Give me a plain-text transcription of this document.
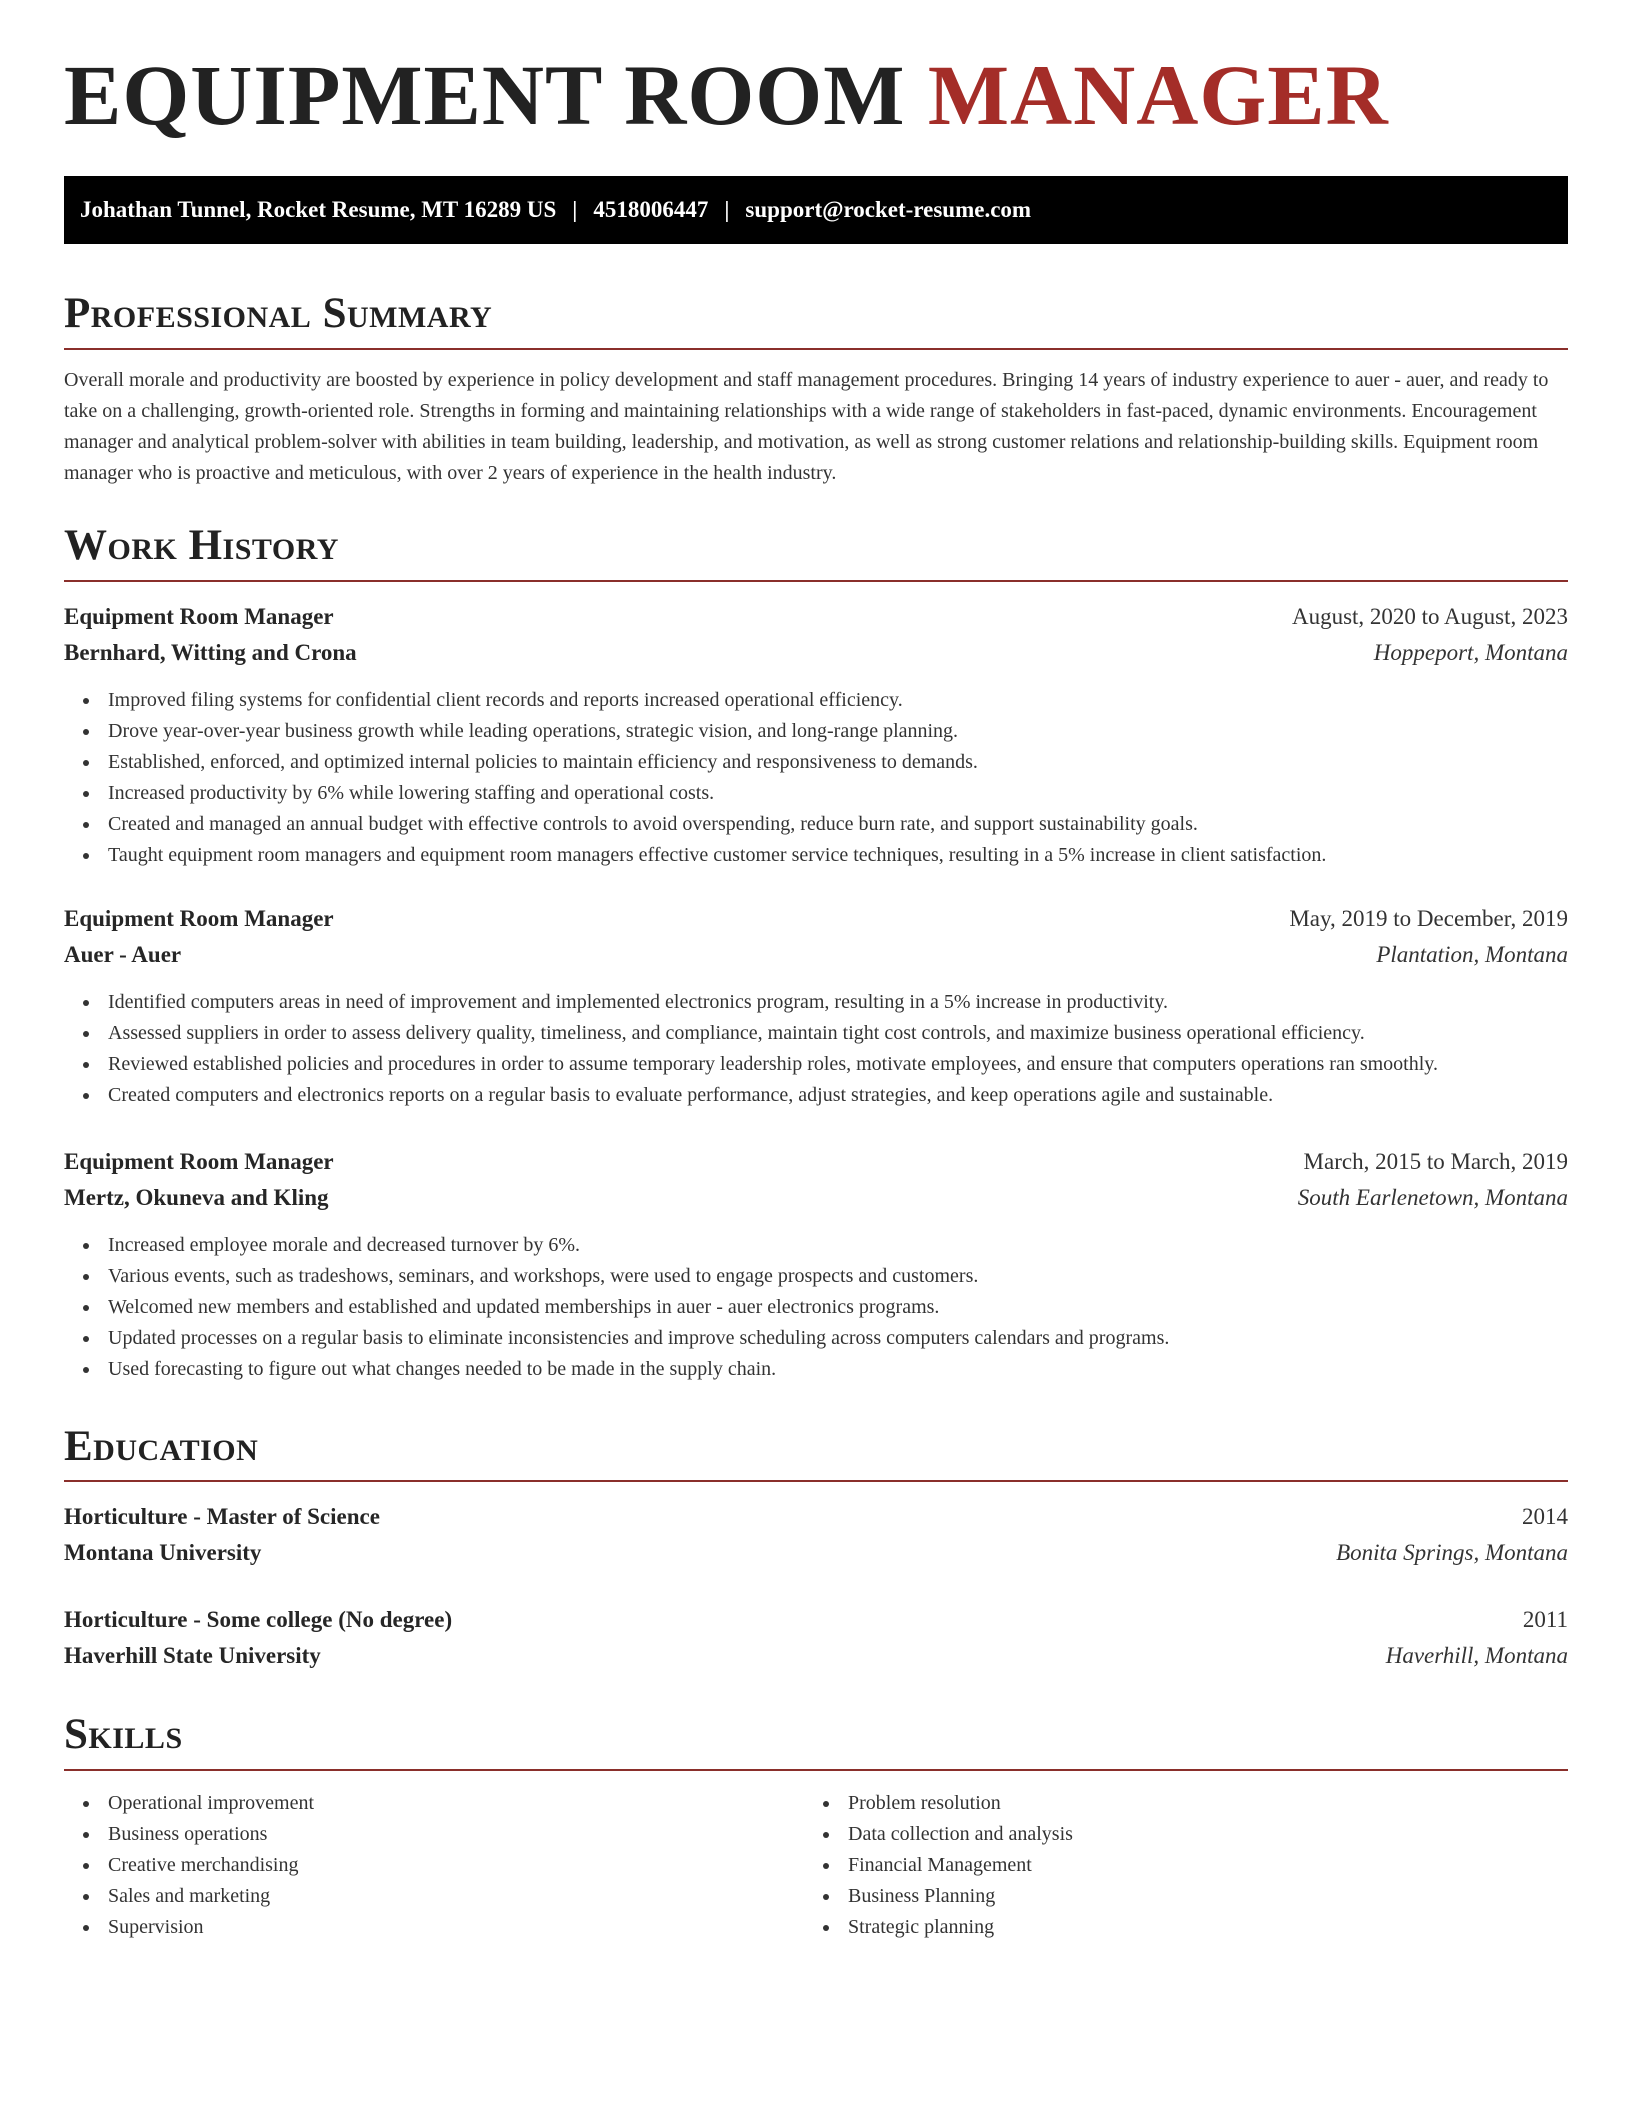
EQUIPMENT ROOM MANAGER
Johathan Tunnel, Rocket Resume, MT 16289 US | 4518006447 | support@rocket-resume.com
Professional Summary

Overall morale and productivity are boosted by experience in policy development and staff management procedures. Bringing 14 years of industry experience to auer - auer, and ready to take on a challenging, growth-oriented role. Strengths in forming and maintaining relationships with a wide range of stakeholders in fast-paced, dynamic environments. Encouragement manager and analytical problem-solver with abilities in team building, leadership, and motivation, as well as strong customer relations and relationship-building skills. Equipment room manager who is proactive and meticulous, with over 2 years of experience in the health industry.

Work History
Equipment Room Manager	August, 2020 to August, 2023
Bernhard, Witting and Crona	Hoppeport, Montana
Improved filing systems for confidential client records and reports increased operational efficiency.
Drove year-over-year business growth while leading operations, strategic vision, and long-range planning.
Established, enforced, and optimized internal policies to maintain efficiency and responsiveness to demands.
Increased productivity by 6% while lowering staffing and operational costs.
Created and managed an annual budget with effective controls to avoid overspending, reduce burn rate, and support sustainability goals.
Taught equipment room managers and equipment room managers effective customer service techniques, resulting in a 5% increase in client satisfaction.
Equipment Room Manager	May, 2019 to December, 2019
Auer - Auer	Plantation, Montana
Identified computers areas in need of improvement and implemented electronics program, resulting in a 5% increase in productivity.
Assessed suppliers in order to assess delivery quality, timeliness, and compliance, maintain tight cost controls, and maximize business operational efficiency.
Reviewed established policies and procedures in order to assume temporary leadership roles, motivate employees, and ensure that computers operations ran smoothly.
Created computers and electronics reports on a regular basis to evaluate performance, adjust strategies, and keep operations agile and sustainable.
Equipment Room Manager	March, 2015 to March, 2019
Mertz, Okuneva and Kling	South Earlenetown, Montana
Increased employee morale and decreased turnover by 6%.
Various events, such as tradeshows, seminars, and workshops, were used to engage prospects and customers.
Welcomed new members and established and updated memberships in auer - auer electronics programs.
Updated processes on a regular basis to eliminate inconsistencies and improve scheduling across computers calendars and programs.
Used forecasting to figure out what changes needed to be made in the supply chain.
Education
Horticulture - Master of Science	2014
Montana University	Bonita Springs, Montana
Horticulture - Some college (No degree)	2011
Haverhill State University	Haverhill, Montana
Skills
Operational improvement
Business operations
Creative merchandising
Sales and marketing
Supervision
Problem resolution
Data collection and analysis
Financial Management
Business Planning
Strategic planning
